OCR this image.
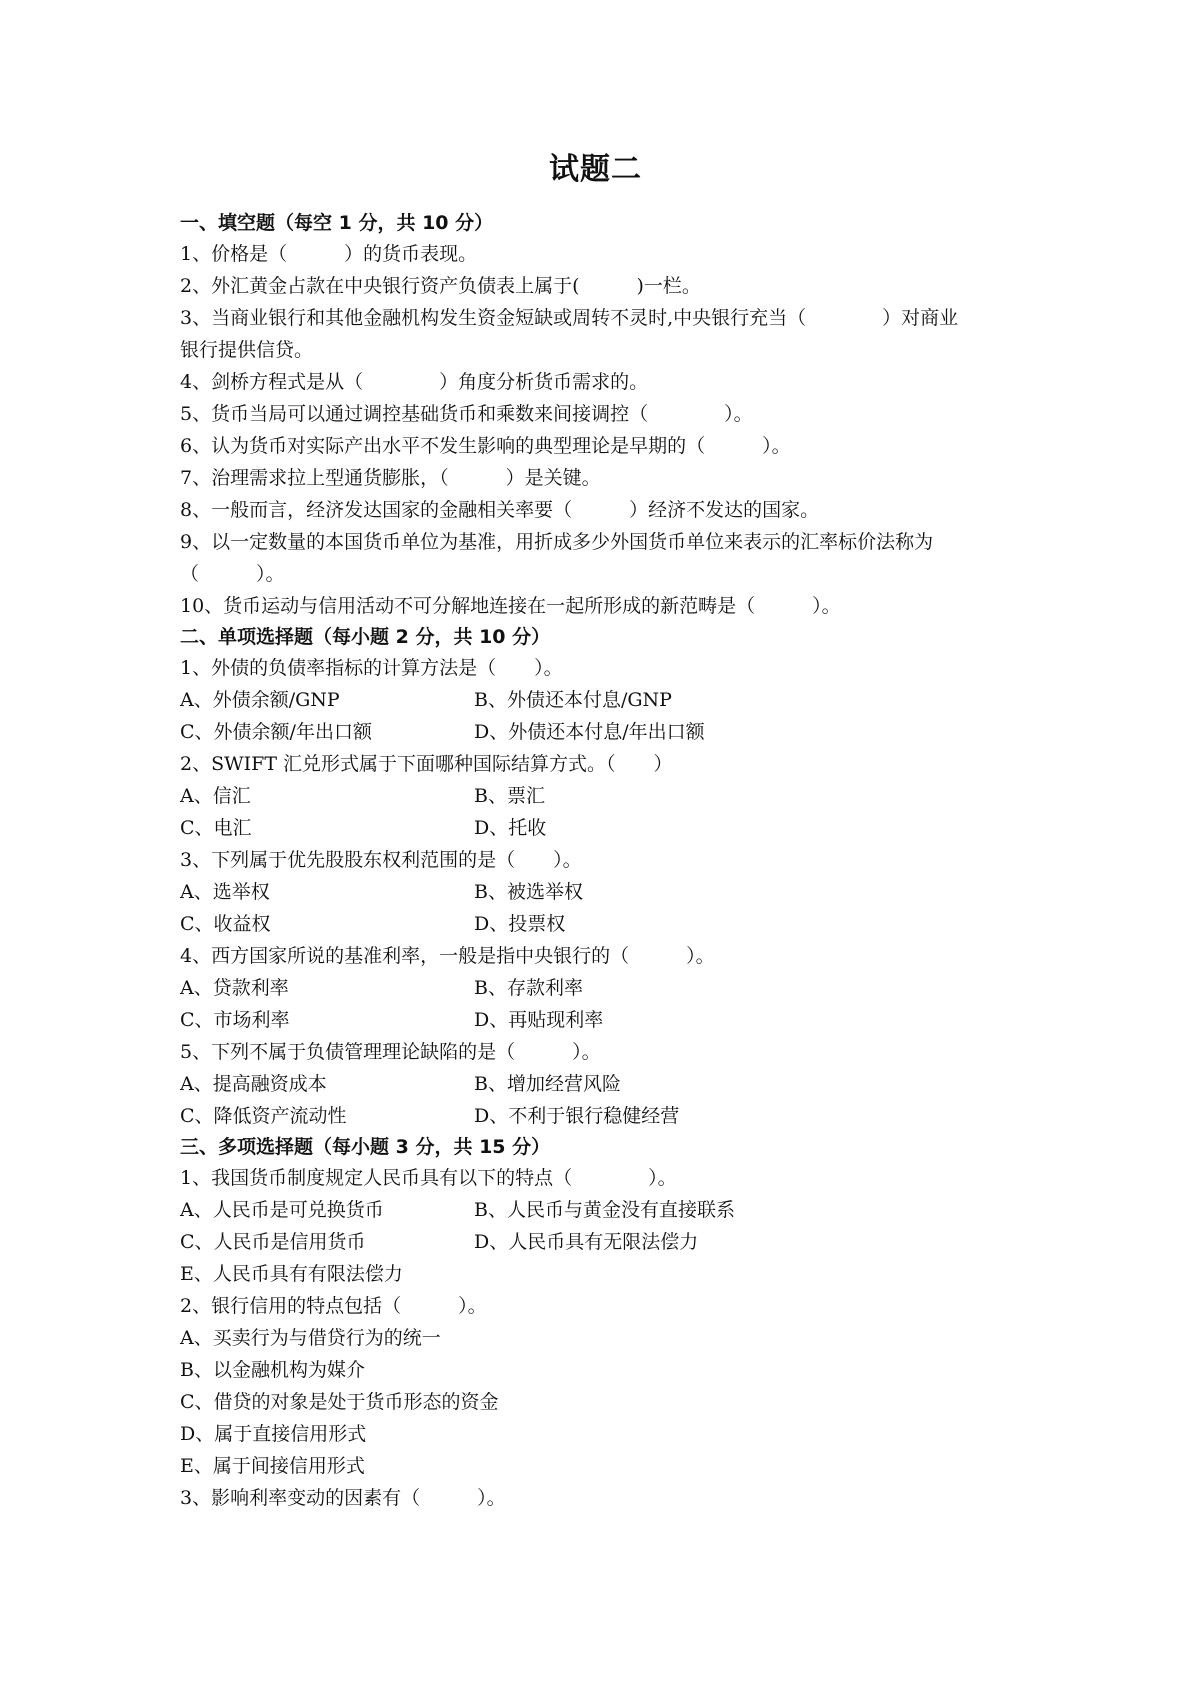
试题二
一、填空题（每空 1 分，共 10 分）
1、价格是（　　　）的货币表现。
2、外汇黄金占款在中央银行资产负债表上属于(　　　)一栏。
3、当商业银行和其他金融机构发生资金短缺或周转不灵时,中央银行充当（　　　　）对商业
银行提供信贷。
4、剑桥方程式是从（　　　　）角度分析货币需求的。
5、货币当局可以通过调控基础货币和乘数来间接调控（　　　　）。
6、认为货币对实际产出水平不发生影响的典型理论是早期的（　　　）。
7、治理需求拉上型通货膨胀，（　　　）是关键。
8、一般而言，经济发达国家的金融相关率要（　　　）经济不发达的国家。
9、以一定数量的本国货币单位为基准，用折成多少外国货币单位来表示的汇率标价法称为
（　　　）。
10、货币运动与信用活动不可分解地连接在一起所形成的新范畴是（　　　）。
二、单项选择题（每小题 2 分，共 10 分）
1、外债的负债率指标的计算方法是（　　）。
A、外债余额/GNP	B、外债还本付息/GNP
C、外债余额/年出口额	D、外债还本付息/年出口额
2、SWIFT 汇兑形式属于下面哪种国际结算方式。（　　）
A、信汇	B、票汇
C、电汇	D、托收
3、下列属于优先股股东权利范围的是（　　）。
A、选举权	B、被选举权
C、收益权	D、投票权
4、西方国家所说的基准利率，一般是指中央银行的（　　　）。
A、贷款利率	B、存款利率
C、市场利率	D、再贴现利率
5、下列不属于负债管理理论缺陷的是（　　　）。
A、提高融资成本	B、增加经营风险
C、降低资产流动性	D、不利于银行稳健经营
三、多项选择题（每小题 3 分，共 15 分）
1、我国货币制度规定人民币具有以下的特点（　　　　）。
A、人民币是可兑换货币	B、人民币与黄金没有直接联系
C、人民币是信用货币	D、人民币具有无限法偿力
E、人民币具有有限法偿力
2、银行信用的特点包括（　　　）。
A、买卖行为与借贷行为的统一
B、以金融机构为媒介
C、借贷的对象是处于货币形态的资金
D、属于直接信用形式
E、属于间接信用形式
3、影响利率变动的因素有（　　　）。
